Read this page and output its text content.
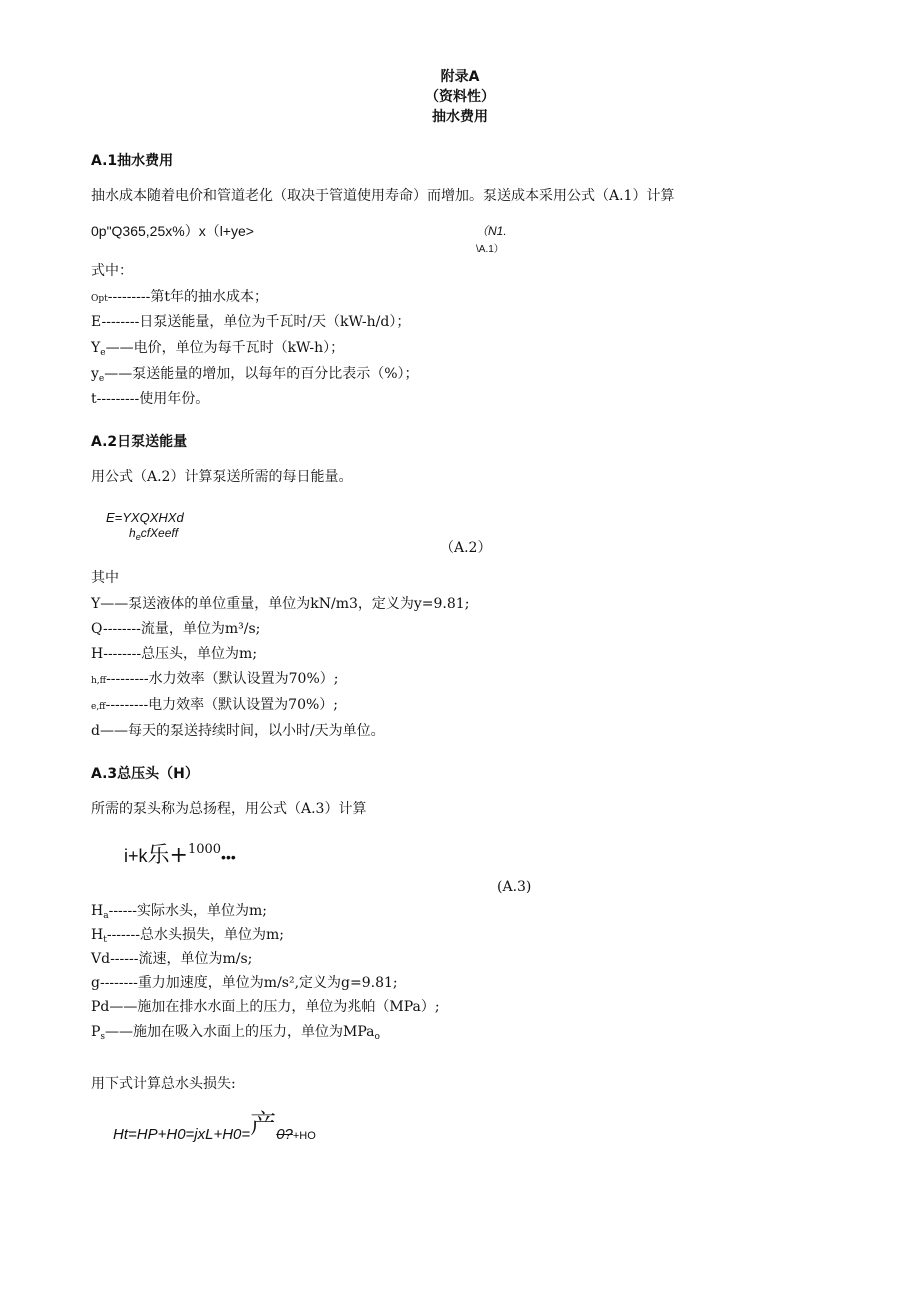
附录A
（资料性）
抽水费用
A.1抽水费用
抽水成本随着电价和管道老化（取决于管道使用寿命）而增加。泵送成本采用公式（A.1）计算
0p"Q365,25x%）x（l+ye>	（N1.
\A.1）
式中：
Opt---------第t年的抽水成本；
E--------日泵送能量，单位为千瓦时/天（kW-h/d）；
$Y_e——$电价，单位为每千瓦时（kW-h）；
$y_e——$泵送能量的增加，以每年的百分比表示（%）；
t---------使用年份。
A.2日泵送能量
用公式（A.2）计算泵送所需的每日能量。
E=YXQXHXd
$h_ecfXeeff$
（A.2）
其中
Y——泵送液体的单位重量，单位为kN/m3，定义为y=9.81;
Q--------流量，单位为m³/s;
H--------总压头，单位为m;
h,ff---------水力效率（默认设置为70%）;
e,ff---------电力效率（默认设置为70%）;
d——每天的泵送持续时间，以小时/天为单位。
A.3总压头（H）
所需的泵头称为总扬程，用公式（A.3）计算
i+k乐+$^{1000}$•••
(A.3)
$H_a------$实际水头，单位为m;
$H_t-------$总水头损失，单位为m;
Vd------流速，单位为m/s;
g--------重力加速度，单位为m/s²,定义为g=9.81;
Pd——施加在排水水面上的压力，单位为兆帕（MPa）;
$P_s——$施加在吸入水面上的压力，单位为MPa$_o$
用下式计算总水头损失:
Ht=HP+H0=jxL+H0=产0?+HO
